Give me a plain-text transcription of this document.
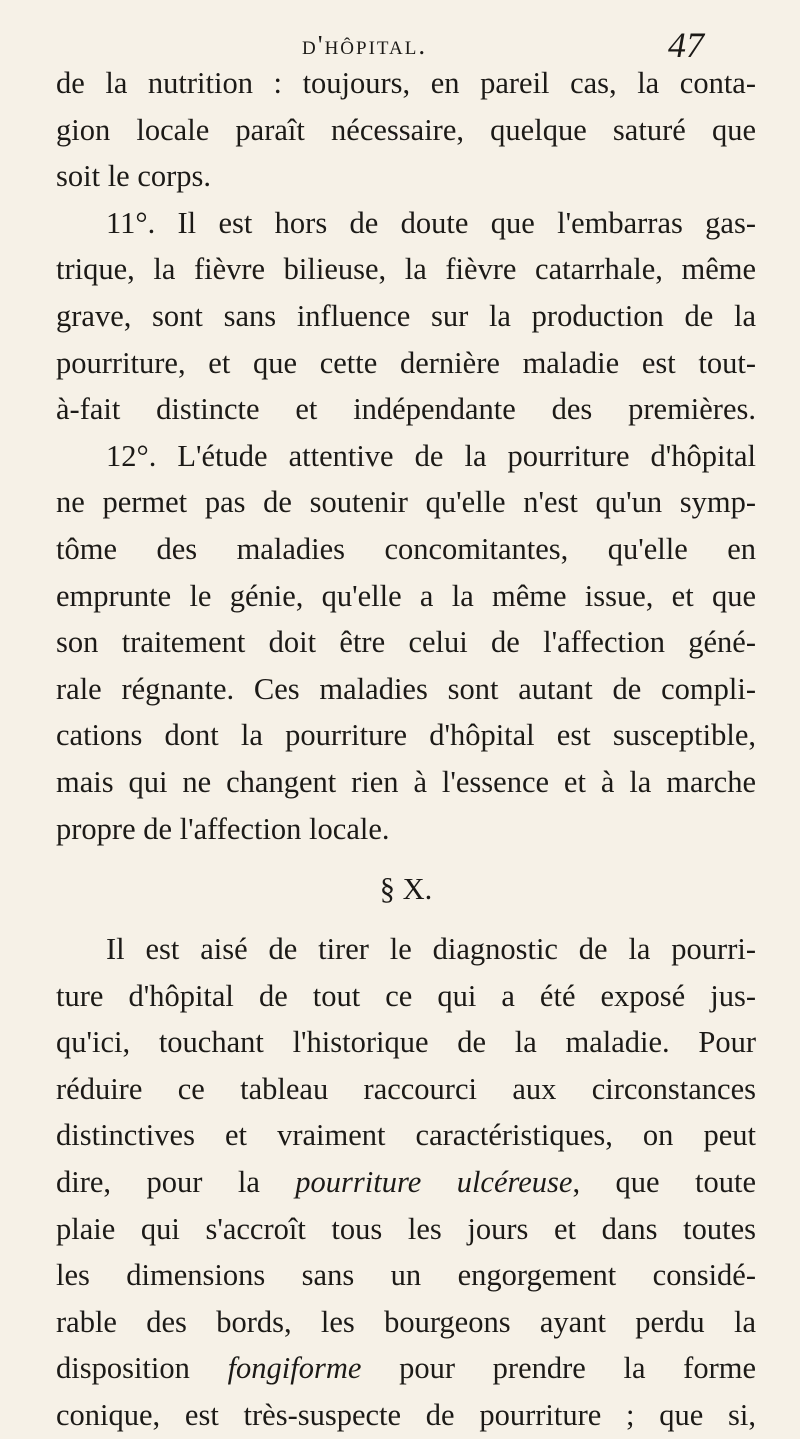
d'hôpital.	47
de la nutrition : toujours, en pareil cas, la conta-
gion locale paraît nécessaire, quelque saturé que
soit le corps.
11°. Il est hors de doute que l'embarras gas-
trique, la fièvre bilieuse, la fièvre catarrhale, même
grave, sont sans influence sur la production de la
pourriture, et que cette dernière maladie est tout-
à-fait distincte et indépendante des premières.
12°. L'étude attentive de la pourriture d'hôpital
ne permet pas de soutenir qu'elle n'est qu'un symp-
tôme des maladies concomitantes, qu'elle en
emprunte le génie, qu'elle a la même issue, et que
son traitement doit être celui de l'affection géné-
rale régnante. Ces maladies sont autant de compli-
cations dont la pourriture d'hôpital est susceptible,
mais qui ne changent rien à l'essence et à la marche
propre de l'affection locale.
§ X.
Il est aisé de tirer le diagnostic de la pourri-
ture d'hôpital de tout ce qui a été exposé jus-
qu'ici, touchant l'historique de la maladie. Pour
réduire ce tableau raccourci aux circonstances
distinctives et vraiment caractéristiques, on peut
dire, pour la pourriture ulcéreuse, que toute
plaie qui s'accroît tous les jours et dans toutes
les dimensions sans un engorgement considé-
rable des bords, les bourgeons ayant perdu la
disposition fongiforme pour prendre la forme
conique, est très-suspecte de pourriture ; que si,
